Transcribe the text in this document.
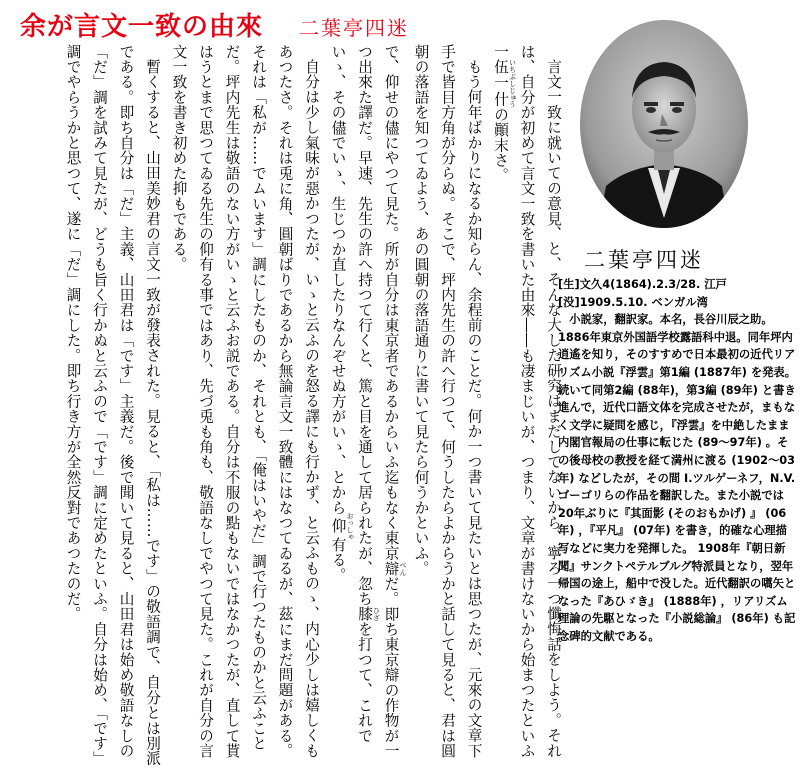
余が言文一致の由來 二葉亭四迷

言文一致に就いての意見、と、そんな大した研究はまだしてないから、寧ろ一つ懺悔話をしよう。それは、自分が初めて言文一致を書いた由來――も凄まじいが、つまり、文章が書けないから始まつたといふ一伍一什 いちぶしじゅうの顚末さ。

もう何年ばかりになるか知らん、余程前のことだ。何か一つ書いて見たいとは思つたが、元來の文章下手で皆目方角が分らぬ。そこで、坪内先生の許へ行つて、何うしたらよからうかと話して見ると、君は圓朝の落語を知つてゐよう、あの圓朝の落語通りに書いて見たら何うかといふ。

で、仰せの儘にやつて見た。所が自分は東京者であるからいふ迄もなく東京辯 べんだ。即ち東京辯の作物が一つ出來た譯だ。早速、先生の許へ持つて行くと、篤と目を通して居られたが、忽ち膝 ひざを打つて、これでいゝ、その儘でいゝ、生じつか直したりなんぞせぬ方がいゝ、とから仰 おっしゃ有る。

自分は少し氣味が惡かつたが、いゝと云ふのを怒る譯にも行かず、と云ふものゝ、内心少しは嬉しくもあつたさ。それは兎に角、圓朝ばりであるから無論言文一致體にはなつてゐるが、茲にまだ問題がある。それは「私が……でムいます」調にしたものか、それとも、「俺はいやだ」調で行つたものかと云ふことだ。坪内先生は敬語のない方がいゝと云ふお説である。自分は不服の點もないではなかつたが、直して貰はうとまで思つてゐる先生の仰有る事ではあり、先づ兎も角も、敬語なしでやつて見た。これが自分の言文一致を書き初めた抑もである。

暫くすると、山田美妙君の言文一致が發表された。見ると、「私は……です」の敬語調で、自分とは別派である。即ち自分は「だ」主義、山田君は「です」主義だ。後で聞いて見ると、山田君は始め敬語なしの「だ」調を試みて見たが、どうも旨く行かぬと云ふので「です」調に定めたといふ。自分は始め、「です」調でやらうかと思つて、遂に「だ」調にした。即ち行き方が全然反對であつたのだ。	二葉亭四迷

[生]文久4(1864).2.3/28. 江戸

[没]1909.5.10. ベンガル湾

　小説家，翻訳家。本名，長谷川辰之助。 1886年東京外国語学校露語科中退。同年坪内逍遙を知り，そのすすめで日本最初の近代リアリズム小説『浮雲』第1編 (1887年) を発表。続いて同第2編 (88年)，第3編 (89年) と書き進んで，近代口語文体を完成させたが，まもなく文学に疑問を感じ，『浮雲』を中絶したまま内閣官報局の仕事に転じた (89～97年) 。その後母校の教授を経て満州に渡る (1902～03年) などしたが，その間 I.ツルゲーネフ，N.V.ゴーゴリらの作品を翻訳した。また小説では 20年ぶりに『其面影 (そのおもかげ) 』 (06年) ，『平凡』 (07年) を書き，的確な心理描写などに実力を発揮した。 1908年『朝日新聞』サンクトペテルブルグ特派員となり，翌年帰国の途上，船中で没した。近代翻訳の嚆矢となった『あひゞき』 (1888年) ，リアリズム理論の先駆となった『小説総論』 (86年) も記念碑的文献である。
